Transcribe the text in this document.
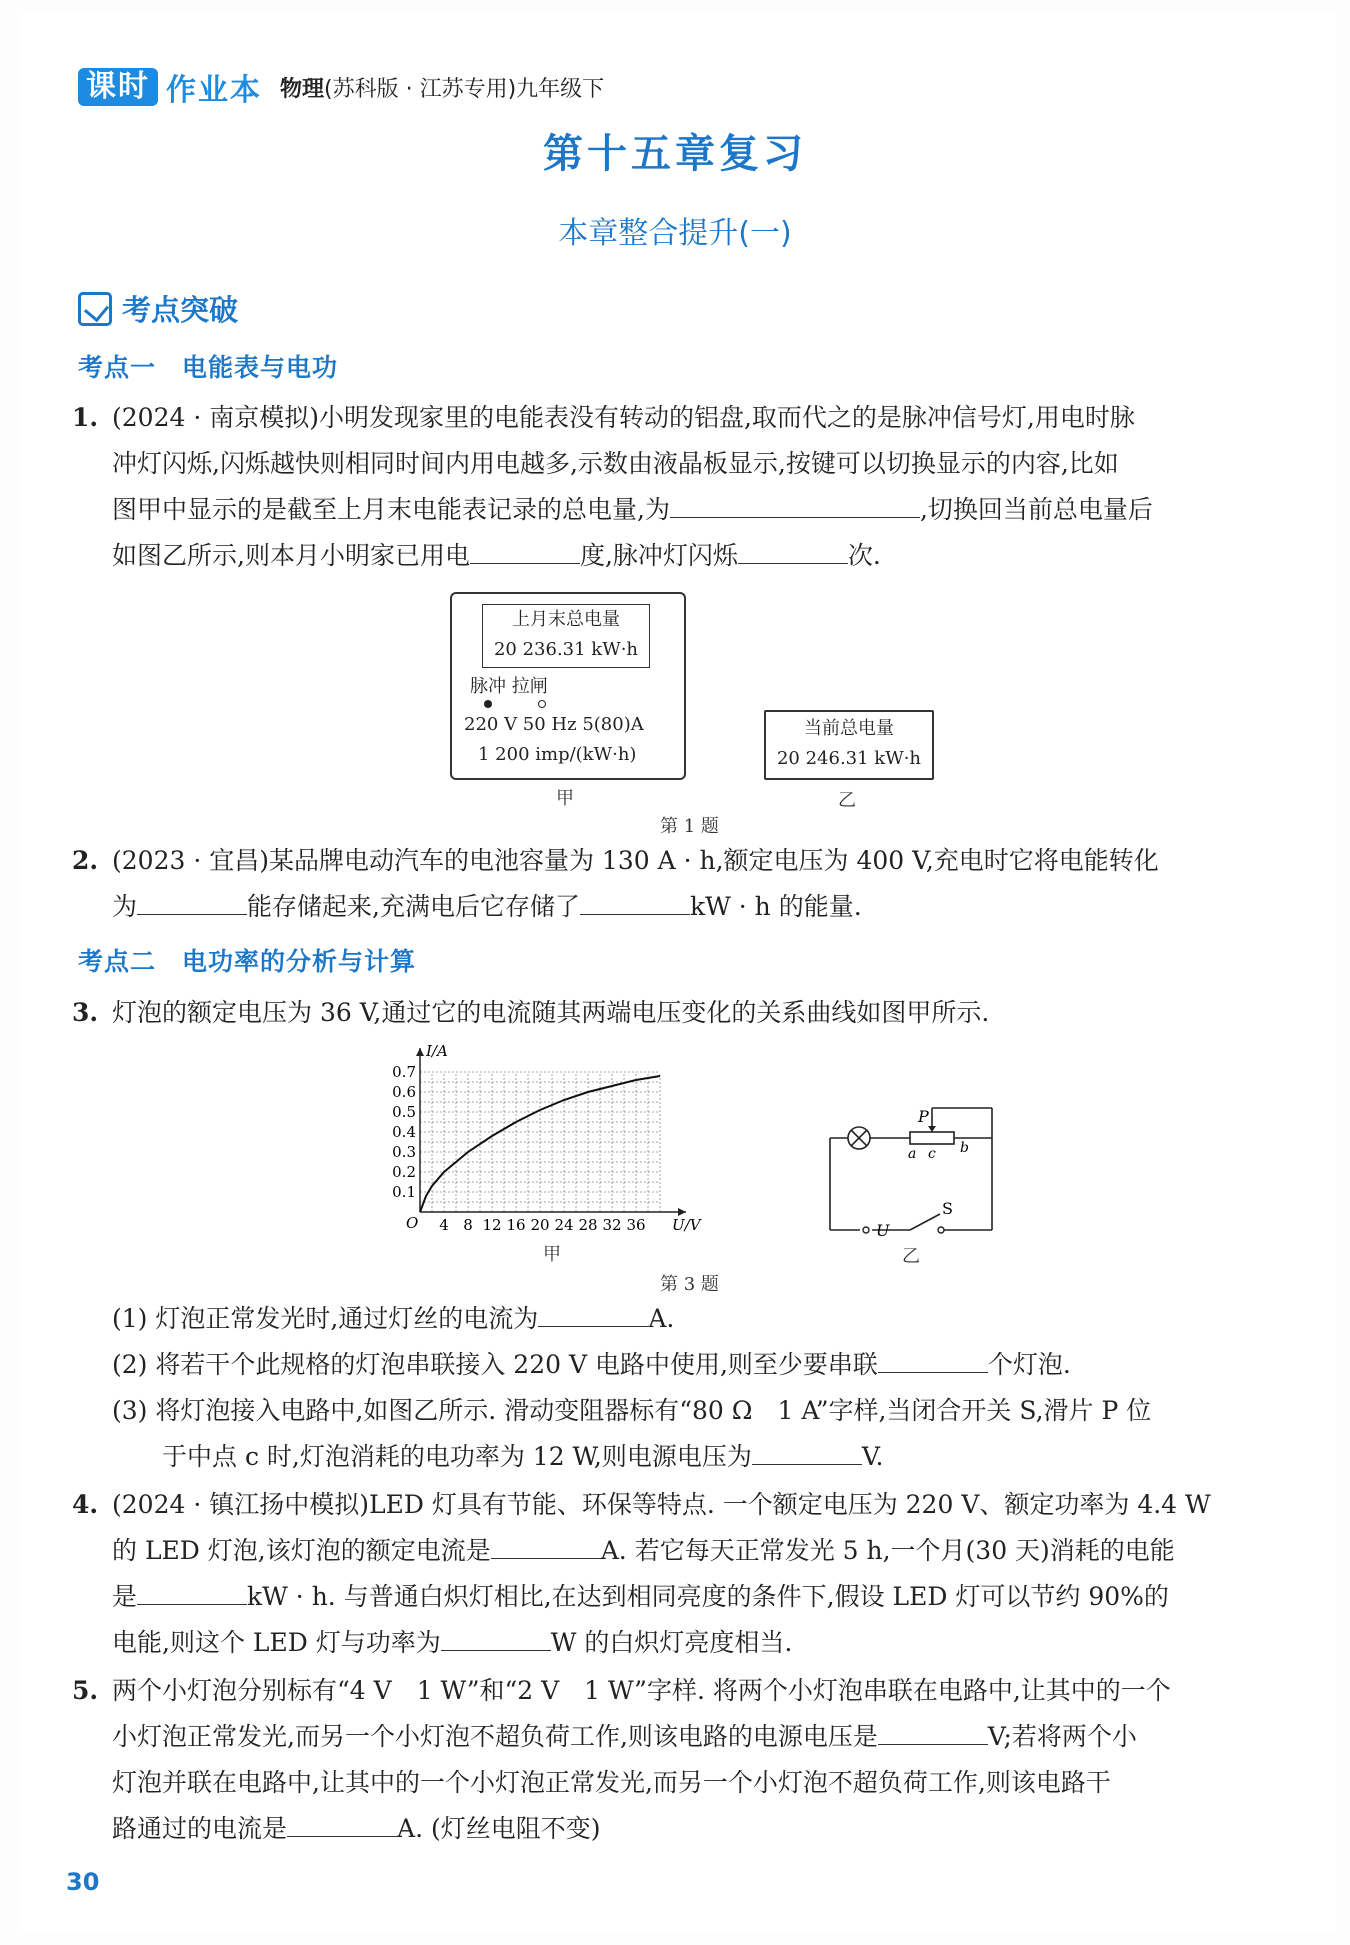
课时 作业本 物理(苏科版 · 江苏专用)九年级下
第十五章复习
本章整合提升(一)
考点突破
考点一　电能表与电功

1. (2024 · 南京模拟)小明发现家里的电能表没有转动的铝盘,取而代之的是脉冲信号灯,用电时脉

冲灯闪烁,闪烁越快则相同时间内用电越多,示数由液晶板显示,按键可以切换显示的内容,比如

图甲中显示的是截至上月末电能表记录的总电量,为	,切换回当前总电量后

如图乙所示,则本月小明家已用电	度,脉冲灯闪烁	次.

上月末总电量
20 236.31 kW·h
脉冲 拉闸
220 V 50 Hz 5(80)A
1 200 imp/(kW·h)
甲
当前总电量
20 246.31 kW·h
乙
第 1 题

2. (2023 · 宜昌)某品牌电动汽车的电池容量为 130 A · h,额定电压为 400 V,充电时它将电能转化

为	能存储起来,充满电后它存储了	kW · h 的能量.

考点二　电功率的分析与计算

3. 灯泡的额定电压为 36 V,通过它的电流随其两端电压变化的关系曲线如图甲所示.

4 8 12 16 20 24 28 32 36
0.1
0.2
0.3
0.4
0.5
0.6
0.7
O	U/V
I/A
甲
P
a c b
U
S
乙
第 3 题

(1) 灯泡正常发光时,通过灯丝的电流为	A.

(2) 将若干个此规格的灯泡串联接入 220 V 电路中使用,则至少要串联	个灯泡.

(3) 将灯泡接入电路中,如图乙所示. 滑动变阻器标有“80 Ω　1 A”字样,当闭合开关 S,滑片 P 位

于中点 c 时,灯泡消耗的电功率为 12 W,则电源电压为	V.

4. (2024 · 镇江扬中模拟)LED 灯具有节能、环保等特点. 一个额定电压为 220 V、额定功率为 4.4 W

的 LED 灯泡,该灯泡的额定电流是	A. 若它每天正常发光 5 h,一个月(30 天)消耗的电能

是	kW · h. 与普通白炽灯相比,在达到相同亮度的条件下,假设 LED 灯可以节约 90%的

电能,则这个 LED 灯与功率为	W 的白炽灯亮度相当.

5. 两个小灯泡分别标有“4 V　1 W”和“2 V　1 W”字样. 将两个小灯泡串联在电路中,让其中的一个

小灯泡正常发光,而另一个小灯泡不超负荷工作,则该电路的电源电压是	V;若将两个小

灯泡并联在电路中,让其中的一个小灯泡正常发光,而另一个小灯泡不超负荷工作,则该电路干

路通过的电流是	A. (灯丝电阻不变)

30
